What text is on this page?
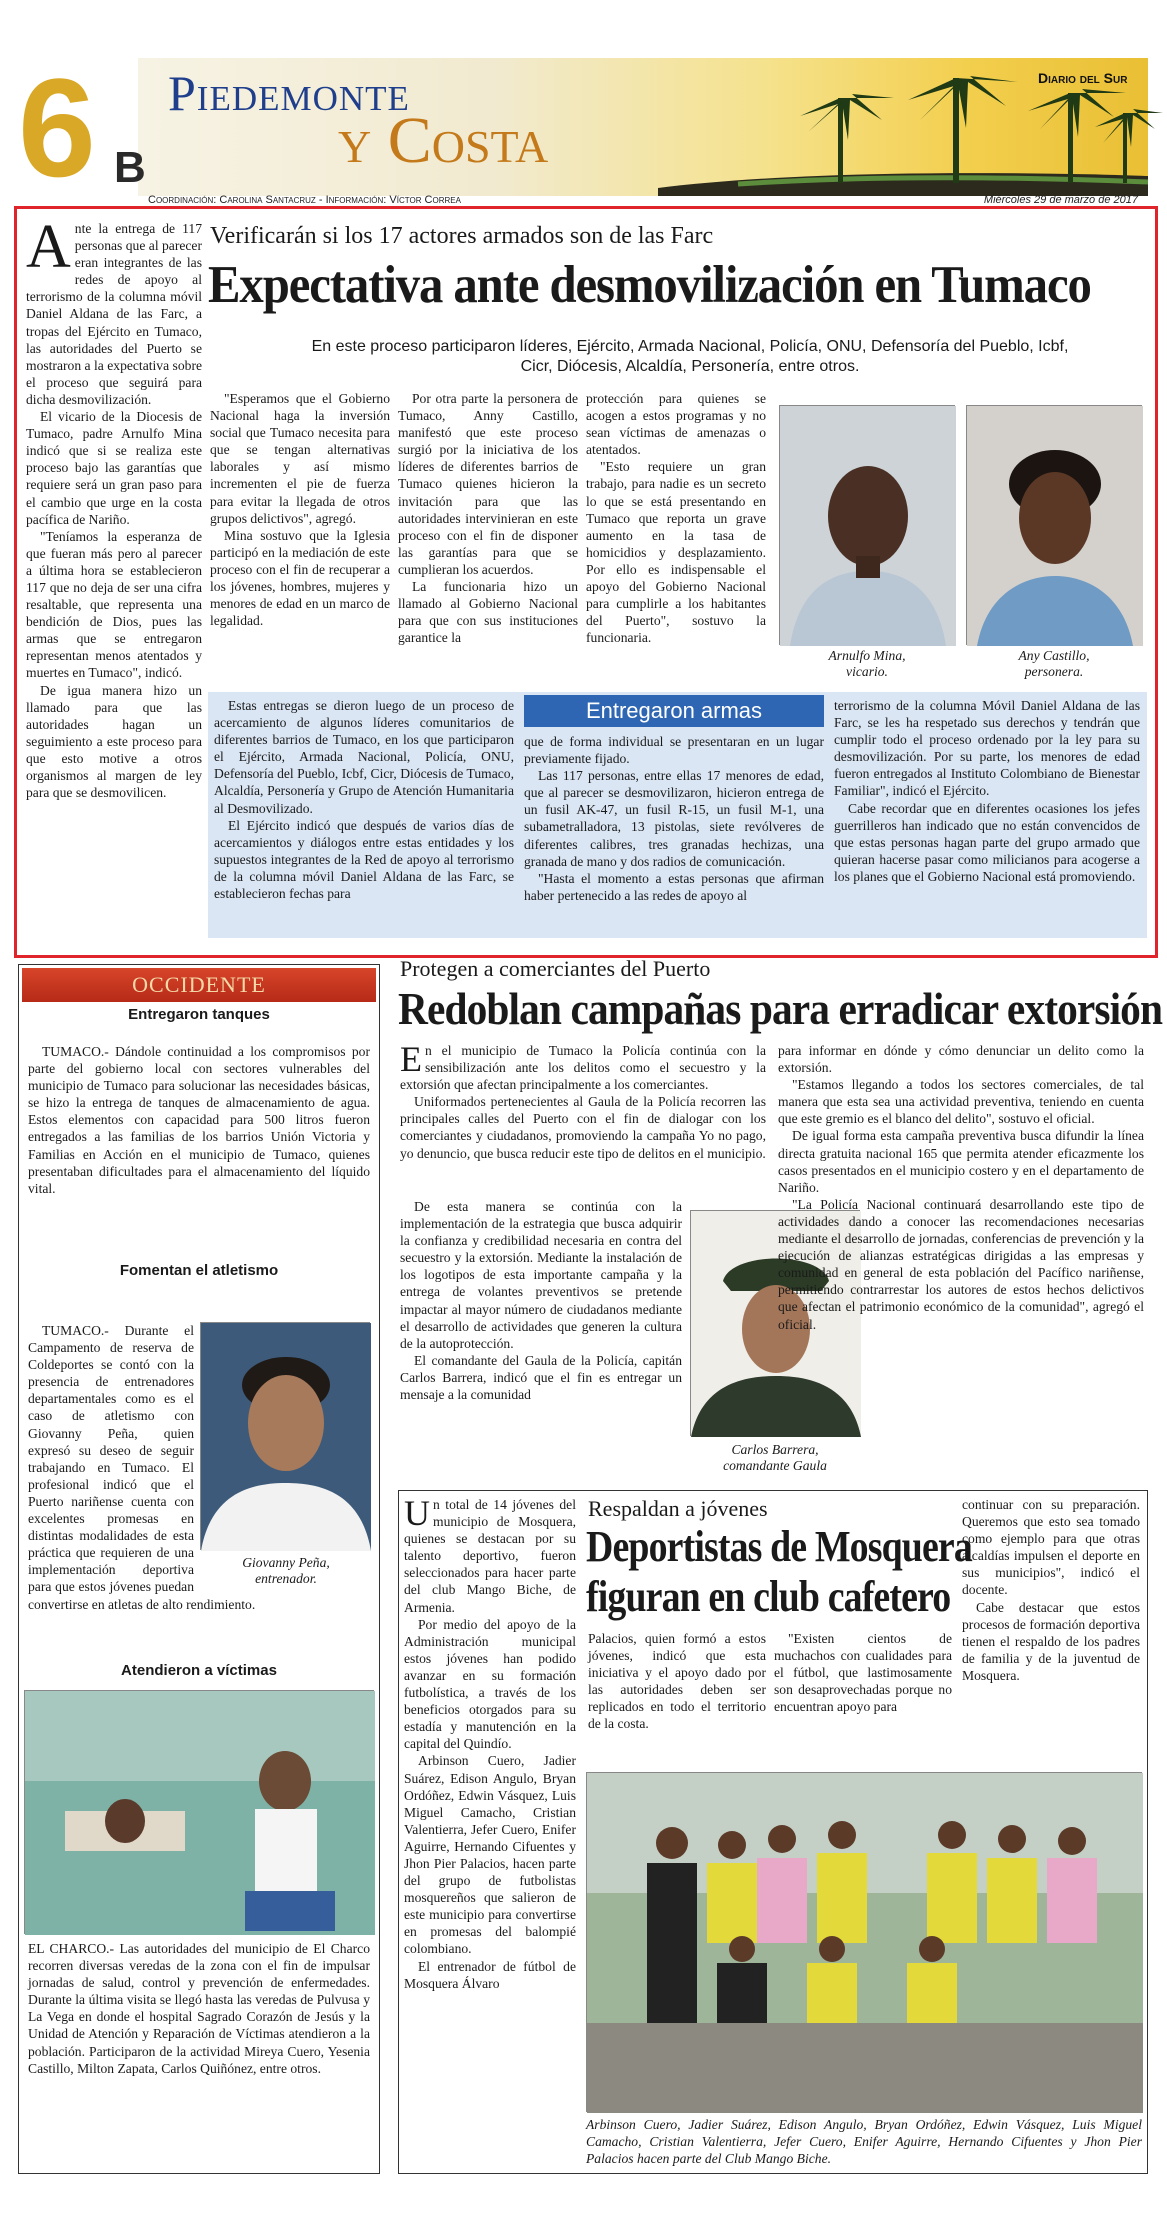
6 B
Piedemonte
y Costa
Diario del Sur
Coordinación: Carolina Santacruz - Información: Víctor Correa	Miércoles 29 de marzo de 2017

Ante la entrega de 117 personas que al parecer eran integrantes de las redes de apoyo al terrorismo de la columna móvil Daniel Aldana de las Farc, a tropas del Ejército en Tumaco, las autoridades del Puerto se mostraron a la expectativa sobre el proceso que seguirá para dicha desmovilización.

El vicario de la Diocesis de Tumaco, padre Arnulfo Mina indicó que si se realiza este proceso bajo las garantías que requiere será un gran paso para el cambio que urge en la costa pacífica de Nariño.

"Teníamos la esperanza de que fueran más pero al parecer a última hora se establecieron 117 que no deja de ser una cifra resaltable, que representa una bendición de Dios, pues las armas que se entregaron representan menos atentados y muertes en Tumaco", indicó.

De igua manera hizo un llamado para que las autoridades hagan un seguimiento a este proceso para que esto motive a otros organismos al margen de ley para que se desmovilicen.

Verificarán si los 17 actores armados son de las Farc
Expectativa ante desmovilización en Tumaco
En este proceso participaron líderes, Ejército, Armada Nacional, Policía, ONU, Defensoría del Pueblo, Icbf, Cicr, Diócesis, Alcaldía, Personería, entre otros.

"Esperamos que el Gobierno Nacional haga la inversión social que Tumaco necesita para que se tengan alternativas laborales y así mismo incrementen el pie de fuerza para evitar la llegada de otros grupos delictivos", agregó.

Mina sostuvo que la Iglesia participó en la mediación de este proceso con el fin de recuperar a los jóvenes, hombres, mujeres y menores de edad en un marco de legalidad.

Por otra parte la personera de Tumaco, Anny Castillo, manifestó que este proceso surgió por la iniciativa de los líderes de diferentes barrios de Tumaco quienes hicieron la invitación para que las autoridades intervinieran en este proceso con el fin de disponer las garantías para que se cumplieran los acuerdos.

La funcionaria hizo un llamado al Gobierno Nacional para que con sus instituciones garantice la

protección para quienes se acogen a estos programas y no sean víctimas de amenazas o atentados.

"Esto requiere un gran trabajo, para nadie es un secreto lo que se está presentando en Tumaco que reporta un grave aumento en la tasa de homicidios y desplazamiento. Por ello es indispensable el apoyo del Gobierno Nacional para cumplirle a los habitantes del Puerto", sostuvo la funcionaria.

Arnulfo Mina,
vicario.
Any Castillo,
personera.

Estas entregas se dieron luego de un proceso de acercamiento de algunos líderes comunitarios de diferentes barrios de Tumaco, en los que participaron el Ejército, Armada Nacional, Policía, ONU, Defensoría del Pueblo, Icbf, Cicr, Diócesis de Tumaco, Alcaldía, Personería y Grupo de Atención Humanitaria al Desmovilizado.

El Ejército indicó que después de varios días de acercamientos y diálogos entre estas entidades y los supuestos integrantes de la Red de apoyo al terrorismo de la columna móvil Daniel Aldana de las Farc, se establecieron fechas para

Entregaron armas

que de forma individual se presentaran en un lugar previamente fijado.

Las 117 personas, entre ellas 17 menores de edad, que al parecer se desmovilizaron, hicieron entrega de un fusil AK-47, un fusil R-15, un fusil M-1, una subametralladora, 13 pistolas, siete revólveres de diferentes calibres, tres granadas hechizas, una granada de mano y dos radios de comunicación.

"Hasta el momento a estas personas que afirman haber pertenecido a las redes de apoyo al

terrorismo de la columna Móvil Daniel Aldana de las Farc, se les ha respetado sus derechos y tendrán que cumplir todo el proceso ordenado por la ley para su desmovilización. Por su parte, los menores de edad fueron entregados al Instituto Colombiano de Bienestar Familiar", indicó el Ejército.

Cabe recordar que en diferentes ocasiones los jefes guerrilleros han indicado que no están convencidos de que estas personas hagan parte del grupo armado que quieran hacerse pasar como milicianos para acogerse a los planes que el Gobierno Nacional está promoviendo.

OCCIDENTE
Entregaron tanques

TUMACO.- Dándole continuidad a los compromisos por parte del gobierno local con sectores vulnerables del municipio de Tumaco para solucionar las necesidades básicas, se hizo la entrega de tanques de almacenamiento de agua. Estos elementos con capacidad para 500 litros fueron entregados a las familias de los barrios Unión Victoria y Familias en Acción en el municipio de Tumaco, quienes presentaban dificultades para el almacenamiento del líquido vital.

Fomentan el atletismo
Giovanny Peña,
entrenador.

TUMACO.- Durante el Campamento de reserva de Coldeportes se contó con la presencia de entrenadores departamentales como es el caso de atletismo con Giovanny Peña, quien expresó su deseo de seguir trabajando en Tumaco. El profesional indicó que el Puerto nariñense cuenta con excelentes promesas en distintas modalidades de esta práctica que requieren de una implementación deportiva para que estos jóvenes puedan convertirse en atletas de alto rendimiento.

Atendieron a víctimas

EL CHARCO.- Las autoridades del municipio de El Charco recorren diversas veredas de la zona con el fin de impulsar jornadas de salud, control y prevención de enfermedades. Durante la última visita se llegó hasta las veredas de Pulvusa y La Vega en donde el hospital Sagrado Corazón de Jesús y la Unidad de Atención y Reparación de Víctimas atendieron a la población. Participaron de la actividad Mireya Cuero, Yesenia Castillo, Milton Zapata, Carlos Quiñónez, entre otros.

Protegen a comerciantes del Puerto
Redoblan campañas para erradicar extorsión

En el municipio de Tumaco la Policía continúa con la sensibilización ante los delitos como el secuestro y la extorsión que afectan principalmente a los comerciantes.

Uniformados pertenecientes al Gaula de la Policía recorren las principales calles del Puerto con el fin de dialogar con los comerciantes y ciudadanos, promoviendo la campaña Yo no pago, yo denuncio, que busca reducir este tipo de delitos en el municipio.

De esta manera se continúa con la implementación de la estrategia que busca adquirir la confianza y credibilidad necesaria en contra del secuestro y la extorsión. Mediante la instalación de los logotipos de esta importante campaña y la entrega de volantes preventivos se pretende impactar al mayor número de ciudadanos mediante el desarrollo de actividades que generen la cultura de la autoprotección.

El comandante del Gaula de la Policía, capitán Carlos Barrera, indicó que el fin es entregar un mensaje a la comunidad

Carlos Barrera,
comandante Gaula

para informar en dónde y cómo denunciar un delito como la extorsión.

"Estamos llegando a todos los sectores comerciales, de tal manera que esta sea una actividad preventiva, teniendo en cuenta que este gremio es el blanco del delito", sostuvo el oficial.

De igual forma esta campaña preventiva busca difundir la línea directa gratuita nacional 165 que permita atender eficazmente los casos presentados en el municipio costero y en el departamento de Nariño.

"La Policía Nacional continuará desarrollando este tipo de actividades dando a conocer las recomendaciones necesarias mediante el desarrollo de jornadas, conferencias de prevención y la ejecución de alianzas estratégicas dirigidas a las empresas y comunidad en general de esta población del Pacífico nariñense, permitiendo contrarrestar los autores de estos hechos delictivos que afectan el patrimonio económico de la comunidad", agregó el oficial.

Un total de 14 jóvenes del municipio de Mosquera, quienes se destacan por su talento deportivo, fueron seleccionados para hacer parte del club Mango Biche, de Armenia.

Por medio del apoyo de la Administración municipal estos jóvenes han podido avanzar en su formación futbolística, a través de los beneficios otorgados para su estadía y manutención en la capital del Quindío.

Arbinson Cuero, Jadier Suárez, Edison Angulo, Bryan Ordóñez, Edwin Vásquez, Luis Miguel Camacho, Cristian Valentierra, Jefer Cuero, Enifer Aguirre, Hernando Cifuentes y Jhon Pier Palacios, hacen parte del grupo de futbolistas mosquereños que salieron de este municipio para convertirse en promesas del balompié colombiano.

El entrenador de fútbol de Mosquera Álvaro

Respaldan a jóvenes
Deportistas de Mosquera
figuran en club cafetero

Palacios, quien formó a estos jóvenes, indicó que esta iniciativa y el apoyo dado por las autoridades deben ser replicados en todo el territorio de la costa.

"Existen cientos de muchachos con cualidades para el fútbol, que lastimosamente son desaprovechadas porque no encuentran apoyo para

continuar con su preparación. Queremos que esto sea tomado como ejemplo para que otras alcaldías impulsen el deporte en sus municipios", indicó el docente.

Cabe destacar que estos procesos de formación deportiva tienen el respaldo de los padres de familia y de la juventud de Mosquera.

Arbinson Cuero, Jadier Suárez, Edison Angulo, Bryan Ordóñez, Edwin Vásquez, Luis Miguel Camacho, Cristian Valentierra, Jefer Cuero, Enifer Aguirre, Hernando Cifuentes y Jhon Pier Palacios hacen parte del Club Mango Biche.
